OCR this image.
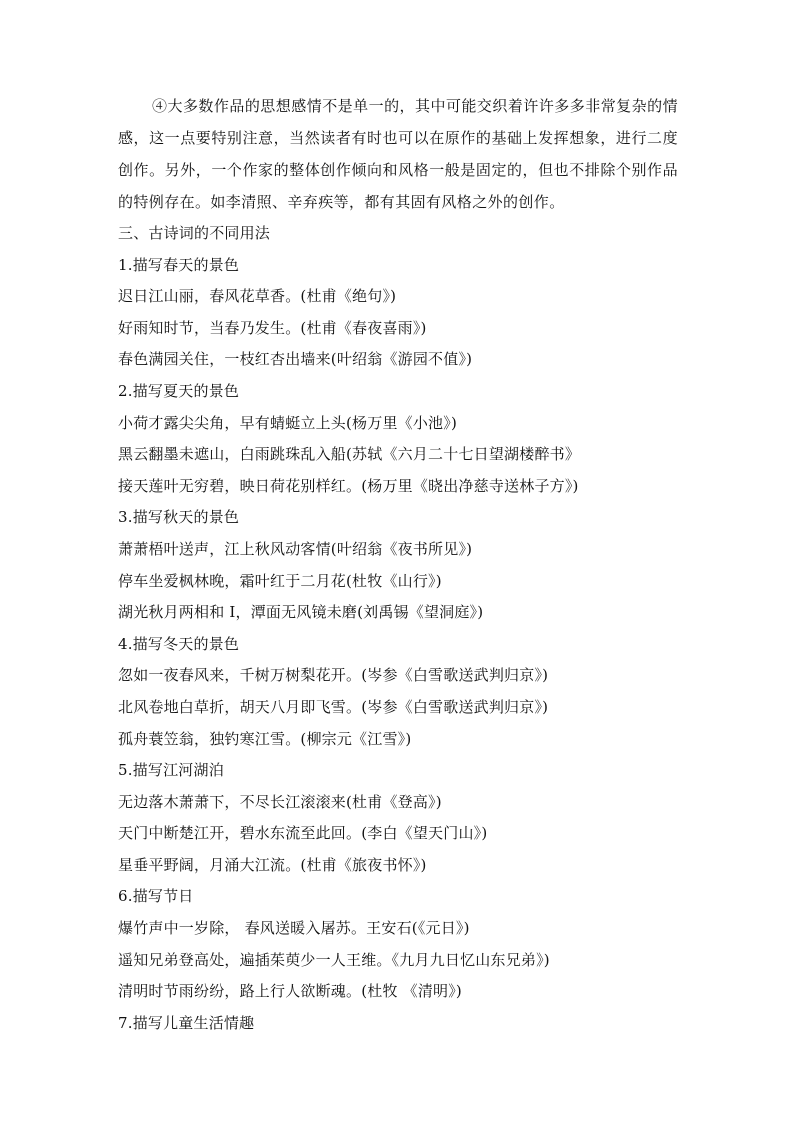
④大多数作品的思想感情不是单一的，其中可能交织着许许多多非常复杂的情感，这一点要特别注意，当然读者有时也可以在原作的基础上发挥想象，进行二度创作。另外，一个作家的整体创作倾向和风格一般是固定的，但也不排除个别作品的特例存在。如李清照、辛弃疾等，都有其固有风格之外的创作。

三、古诗词的不同用法

1.描写春天的景色

迟日江山丽，春风花草香。(杜甫《绝句》)

好雨知时节，当春乃发生。(杜甫《春夜喜雨》)

春色满园关住，一枝红杏出墙来(叶绍翁《游园不值》)

2.描写夏天的景色

小荷才露尖尖角，早有蜻蜓立上头(杨万里《小池》)

黑云翻墨未遮山，白雨跳珠乱入船(苏轼《六月二十七日望湖楼醉书》

接天莲叶无穷碧，映日荷花别样红。(杨万里《晓出净慈寺送林子方》)

3.描写秋天的景色

萧萧梧叶送声，江上秋风动客情(叶绍翁《夜书所见》)

停车坐爱枫林晚，霜叶红于二月花(杜牧《山行》)

湖光秋月两相和 I，潭面无风镜未磨(刘禹锡《望洞庭》)

4.描写冬天的景色

忽如一夜春风来，千树万树梨花开。(岑参《白雪歌送武判归京》)

北风卷地白草折，胡天八月即飞雪。(岑参《白雪歌送武判归京》)

孤舟蓑笠翁，独钓寒江雪。(柳宗元《江雪》)

5.描写江河湖泊

无边落木萧萧下，不尽长江滚滚来(杜甫《登高》)

天门中断楚江开，碧水东流至此回。(李白《望天门山》)

星垂平野阔，月涌大江流。(杜甫《旅夜书怀》)

6.描写节日

爆竹声中一岁除， 春风送暖入屠苏。王安石(《元日》)

遥知兄弟登高处，遍插茱萸少一人王维。《九月九日忆山东兄弟》)

清明时节雨纷纷，路上行人欲断魂。(杜牧 《清明》)

7.描写儿童生活情趣
